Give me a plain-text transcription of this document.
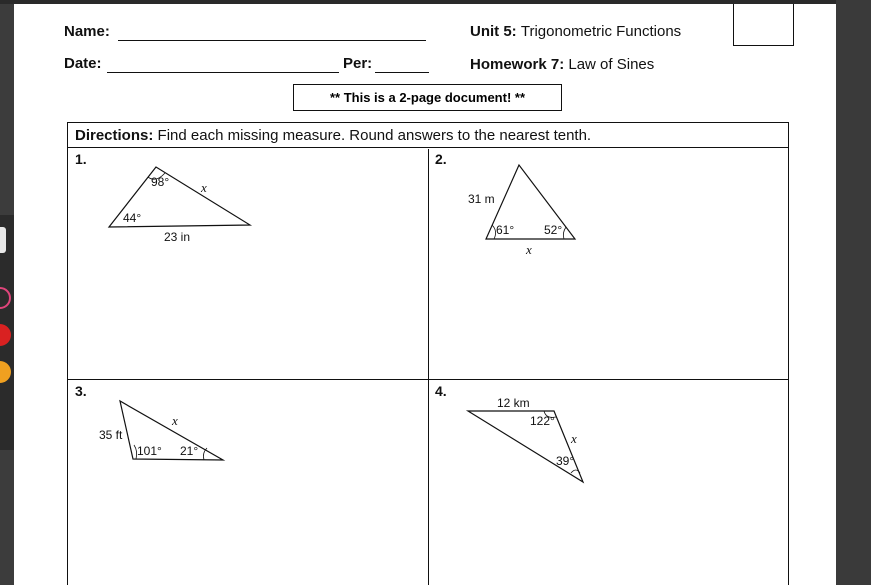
Name:
Date:	Per:
Unit 5: Trigonometric Functions
Homework 7: Law of Sines
** This is a 2-page document! **
Directions: Find each missing measure. Round answers to the nearest tenth.
1.	2.
3.	4.
98°
44°
x
23 in
31 m
61° 52°
x
35 ft
x
101° 21°
12 km
122°
x
39°
